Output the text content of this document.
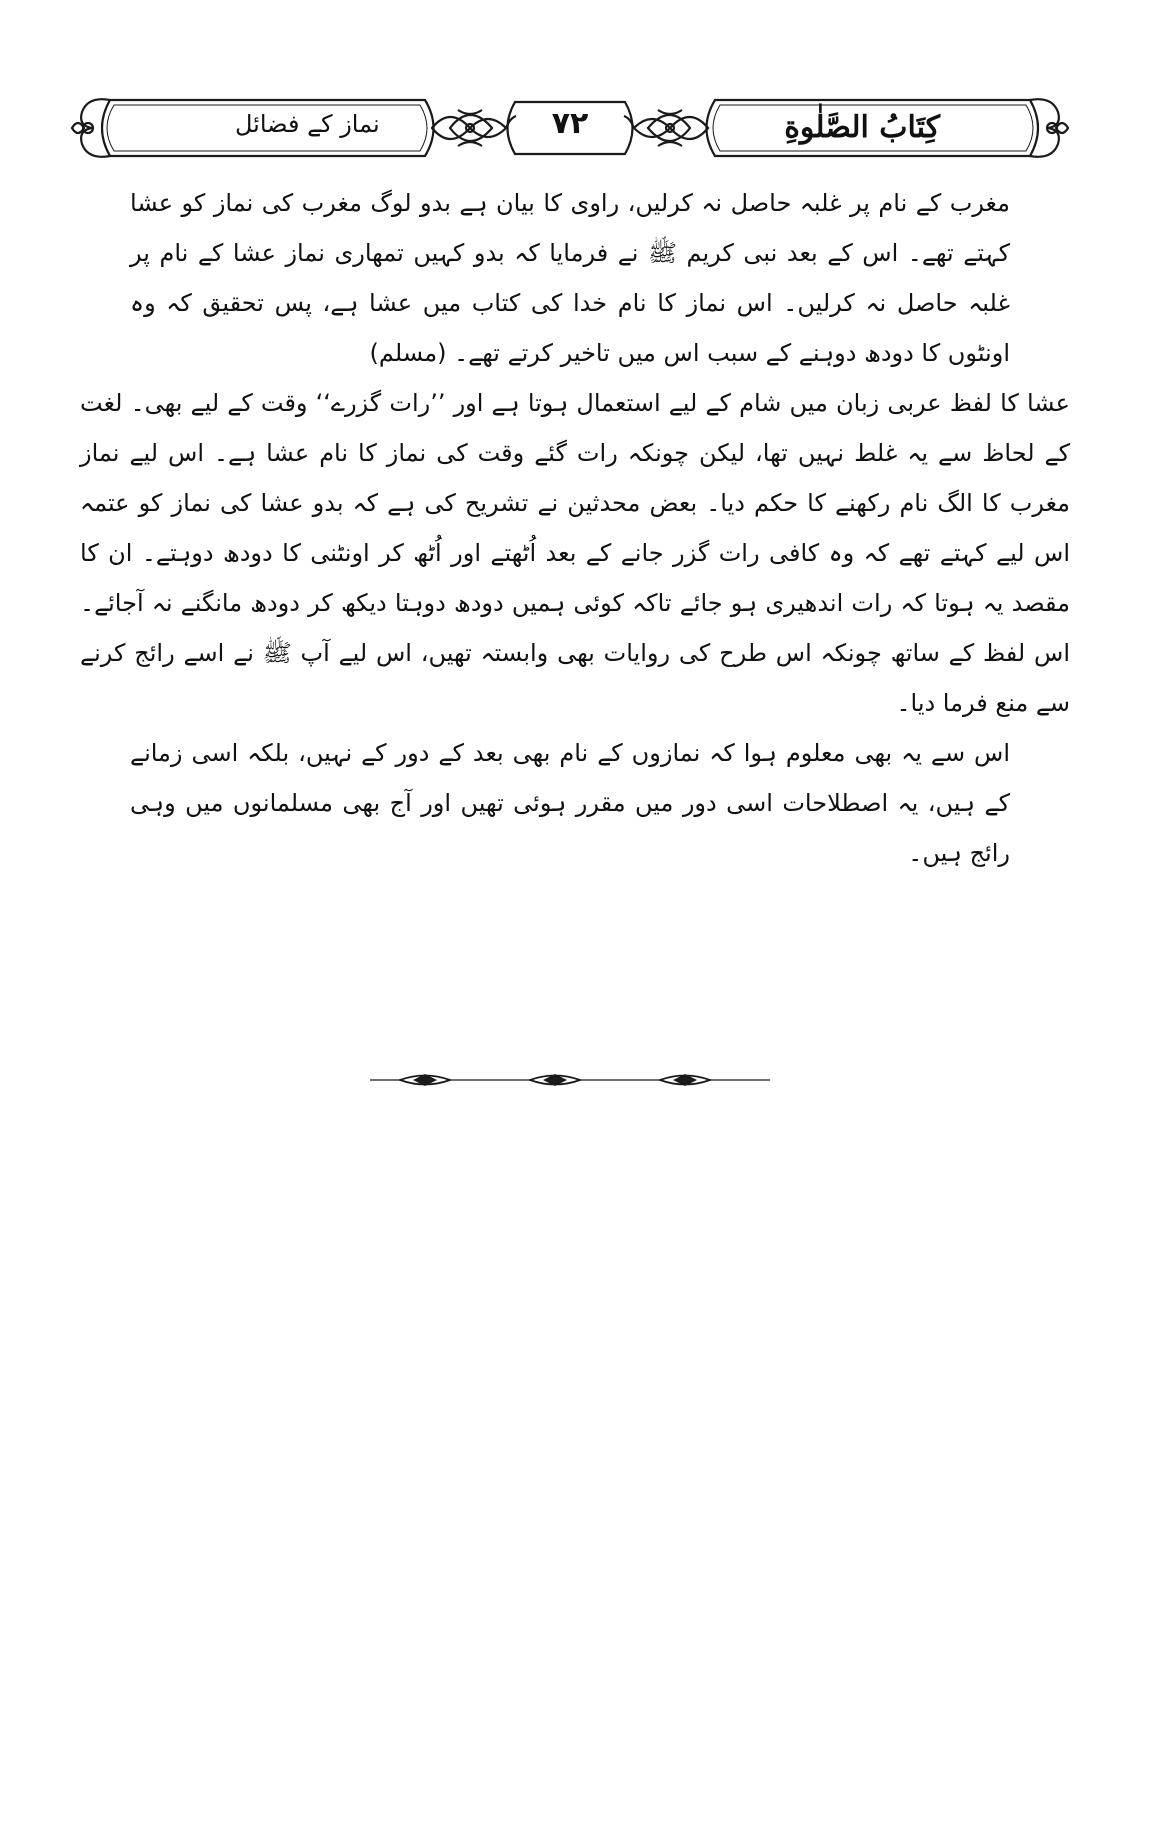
نماز کے فضائل	۷۲	كِتَابُ الصَّلٰوةِ

مغرب کے نام پر غلبہ حاصل نہ کرلیں، راوی کا بیان ہے بدو لوگ مغرب کی نماز کو عشا کہتے تھے۔ اس کے بعد نبی کریم ﷺ نے فرمایا کہ بدو کہیں تمھاری نماز عشا کے نام پر غلبہ حاصل نہ کرلیں۔ اس نماز کا نام خدا کی کتاب میں عشا ہے، پس تحقیق کہ وہ اونٹوں کا دودھ دوہنے کے سبب اس میں تاخیر کرتے تھے۔ (مسلم)

عشا کا لفظ عربی زبان میں شام کے لیے استعمال ہوتا ہے اور ’’رات گزرے‘‘ وقت کے لیے بھی۔ لغت کے لحاظ سے یہ غلط نہیں تھا، لیکن چونکہ رات گئے وقت کی نماز کا نام عشا ہے۔ اس لیے نماز مغرب کا الگ نام رکھنے کا حکم دیا۔ بعض محدثین نے تشریح کی ہے کہ بدو عشا کی نماز کو عتمہ اس لیے کہتے تھے کہ وہ کافی رات گزر جانے کے بعد اُٹھتے اور اُٹھ کر اونٹنی کا دودھ دوہتے۔ ان کا مقصد یہ ہوتا کہ رات اندھیری ہو جائے تاکہ کوئی ہمیں دودھ دوہتا دیکھ کر دودھ مانگنے نہ آجائے۔ اس لفظ کے ساتھ چونکہ اس طرح کی روایات بھی وابستہ تھیں، اس لیے آپ ﷺ نے اسے رائج کرنے سے منع فرما دیا۔

اس سے یہ بھی معلوم ہوا کہ نمازوں کے نام بھی بعد کے دور کے نہیں، بلکہ اسی زمانے کے ہیں، یہ اصطلاحات اسی دور میں مقرر ہوئی تھیں اور آج بھی مسلمانوں میں وہی رائج ہیں۔
